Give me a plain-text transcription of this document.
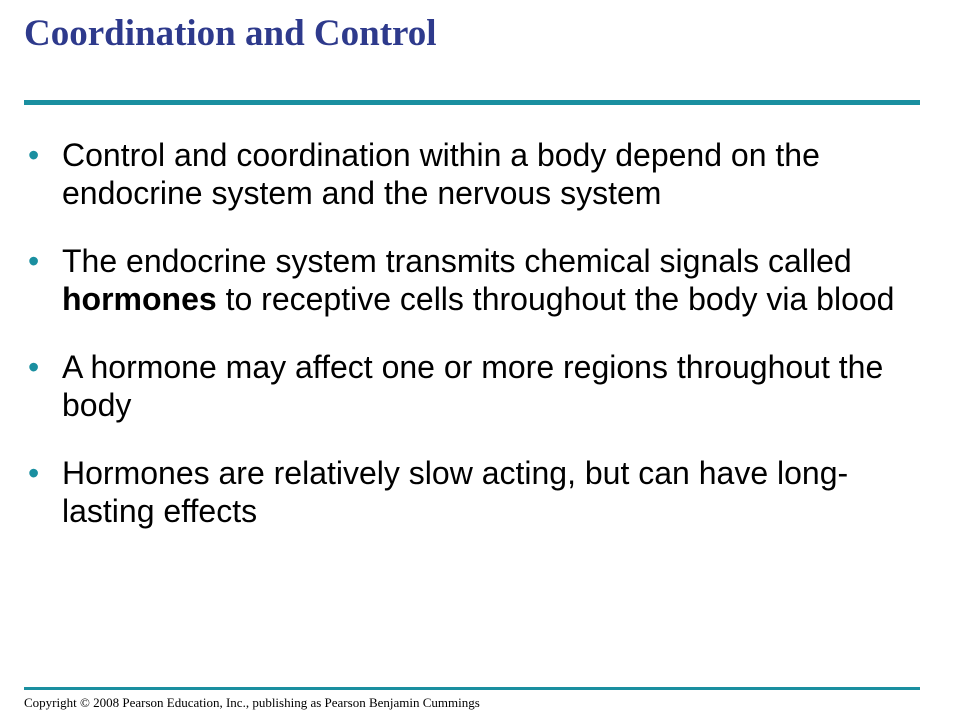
Coordination and Control
• Control and coordination within a body depend on the endocrine system and the nervous system
• The endocrine system transmits chemical signals called hormones to receptive cells throughout the body via blood
• A hormone may affect one or more regions throughout the body
• Hormones are relatively slow acting, but can have long-lasting effects
Copyright © 2008 Pearson Education, Inc., publishing as Pearson Benjamin Cummings
